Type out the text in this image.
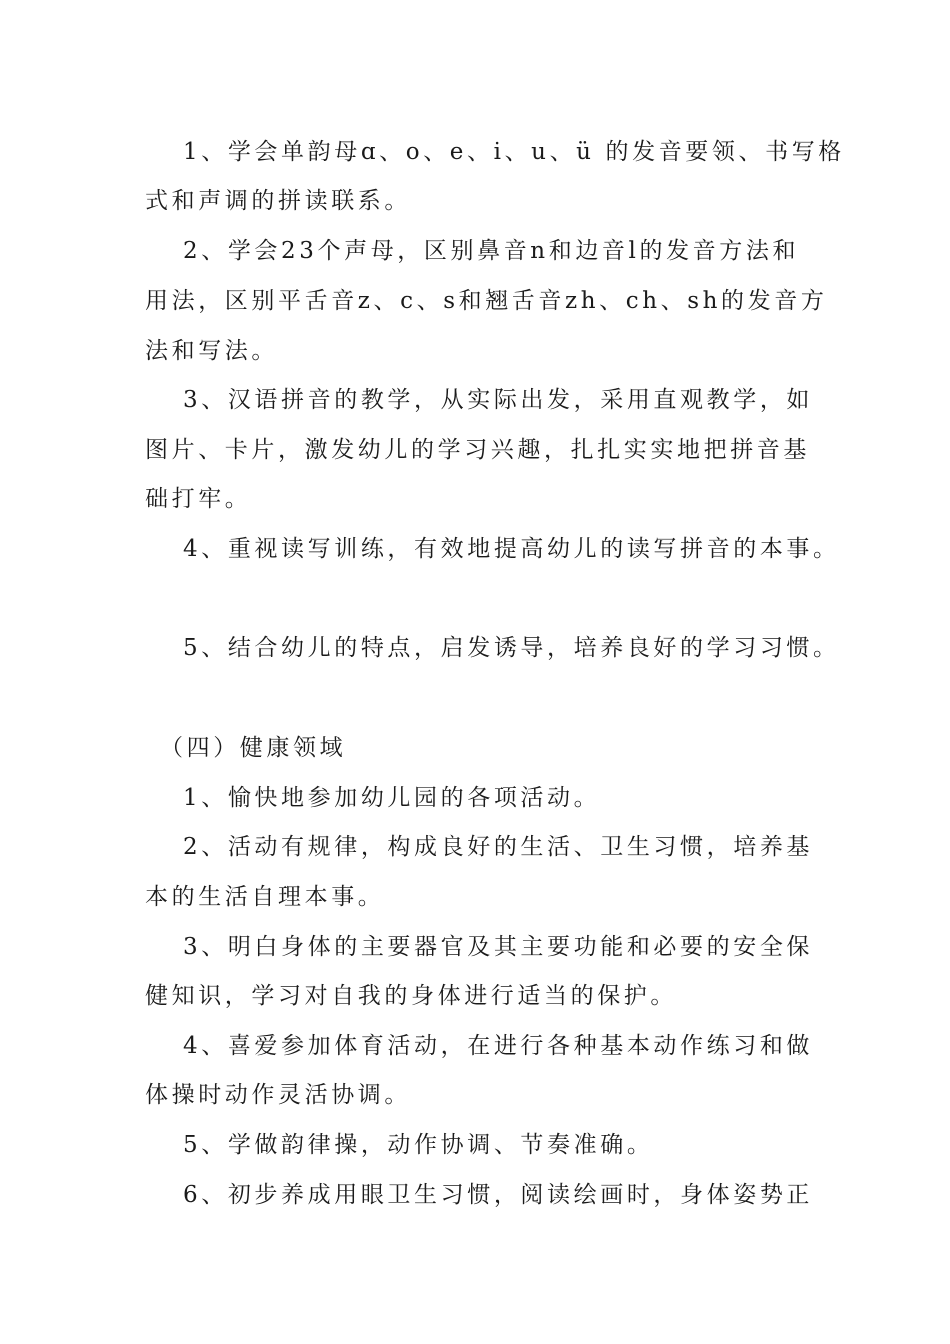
1、学会单韵母ɑ、o、e、i、u、ü 的发音要领、书写格
式和声调的拼读联系。
2、学会23个声母，区别鼻音n和边音l的发音方法和
用法，区别平舌音z、c、s和翘舌音zh、ch、sh的发音方
法和写法。
3、汉语拼音的教学，从实际出发，采用直观教学，如
图片、卡片，激发幼儿的学习兴趣，扎扎实实地把拼音基
础打牢。
4、重视读写训练，有效地提高幼儿的读写拼音的本事。
5、结合幼儿的特点，启发诱导，培养良好的学习习惯。
（四）健康领域
1、愉快地参加幼儿园的各项活动。
2、活动有规律，构成良好的生活、卫生习惯，培养基
本的生活自理本事。
3、明白身体的主要器官及其主要功能和必要的安全保
健知识，学习对自我的身体进行适当的保护。
4、喜爱参加体育活动，在进行各种基本动作练习和做
体操时动作灵活协调。
5、学做韵律操，动作协调、节奏准确。
6、初步养成用眼卫生习惯，阅读绘画时，身体姿势正
